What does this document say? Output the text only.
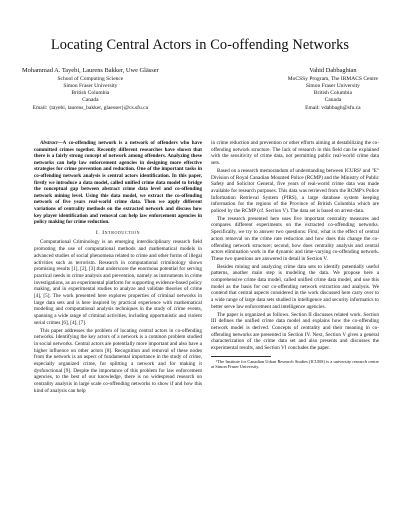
Locating Central Actors in Co-offending Networks
Mohammad A. Tayebi, Laurens Bakker, Uwe Glässer
School of Computing Science
Simon Fraser University
British Columbia
Canada
Email: {tayebi, laurens_bakker, glaesser}@cs.sfu.ca
Vahid Dabbaghian
MoCSSy Program, The IRMACS Centre
Simon Fraser University
British Columbia
Canada
Email: vdabbagh@sfu.ca

Abstract—A co-offending network is a network of offenders who have committed crimes together. Recently different researches have shown that there is a fairly strong concept of network among offenders. Analyzing these networks can help law enforcement agencies in designing more effective strategies for crime prevention and reduction. One of the important tasks in co-offending network analysis is central actors identification. In this paper, firstly we introduce a data model, called unified crime data model to bridge the conceptual gap between abstract crime data level and co-offending network mining level. Using this data model, we extract the co-offending network of five years real-world crime data. Then we apply different variations of centrality methods on the extracted network and discuss how key player identification and removal can help law enforcement agencies in policy making for crime reduction.

I. Introduction

Computational Criminology is an emerging interdisciplinary research field promoting the use of computational methods and mathematical models in advanced studies of social phenomena related to crime and other forms of illegal activities such as terrorism. Research in computational criminology shows promising results [1], [2], [3] that underscore the enormous potential for serving practical needs in crime analysis and prevention, namely as instruments in crime investigations, as an experimental platform for supporting evidence-based policy making, and in experimental studies to analyze and validate theories of crime [4], [5]. The work presented here explores properties of criminal networks in large data sets and is here inspired by practical experience with mathematical modeling and computational analysis techniques in the study of crime events, spanning a wide range of criminal activities, including opportunistic and violent serial crimes [6], [4], [7].

This paper addresses the problem of locating central actors in co-offending networks. Identifying the key actors of a network is a common problem studied in social networks. Central actors are potentially more important and also have a higher influence on other actors [8]. Recognition and removal of these nodes from the network is an aspect of fundamental importance in the study of crime, especially organized crime, for splitting a network and for making it dysfunctional [9]. Despite the importance of this problem for law enforcement agencies, to the best of our knowledge, there is no widespread research on centrality analysis in large scale co-offending networks to show if and how this kind of analysis can help

in crime reduction and prevention or other efforts aiming at destabilizing the co-offending network structure. The lack of research in this field can be explained with the sensitivity of crime data, not permitting public real-world crime data sets.

Based on a research memorandum of understanding between ICURS¹ and "E" Division of Royal Canadian Mounted Police (RCMP) and the Ministry of Public Safety and Solicitor General, five years of real-world crime data was made available for research purposes. This data was retrieved from the RCMP's Police Information Retrieval System (PIRS), a large database system keeping information for the regions of the Province of British Columbia which are policed by the RCMP (cf. Section V). The data set is based on arrest-data.

The research presented here uses five important centrality measures and compares different experiments on the extracted co-offending networks. Specifically, we try to answer two questions: First, what is the effect of central actors removal on the crime rate reduction and how does this change the co-offending network structure; second, how does centrality analysis and central actors elimination work in the dynamic and time-varying co-offending network. These two questions are answered in detail in Section V.

Besides mining and analyzing crime data sets to identify potentially useful patterns, another main step is modeling the data. We propose here a comprehensive crime data model, called unified crime data model, and use this model as the basis for our co-offending network extraction and analysis. We contend that central aspects considered in the work discussed here carry over to a wide range of large data sets studied in intelligence and security informatics to better serve law enforcement and intelligence agencies.

The paper is organized as follows. Section II discusses related work. Section III defines the unified crime data model and explains how the co-offending network model is derived. Concepts of centrality and their meaning in co-offending networks are presented in Section IV. Next, Section V gives a general characterization of the crime data set and also presents and discusses the experimental results, and Section VI concludes the paper.

¹The Institute for Canadian Urban Research Studies (ICURS) is a university research centre at Simon Fraser University.
